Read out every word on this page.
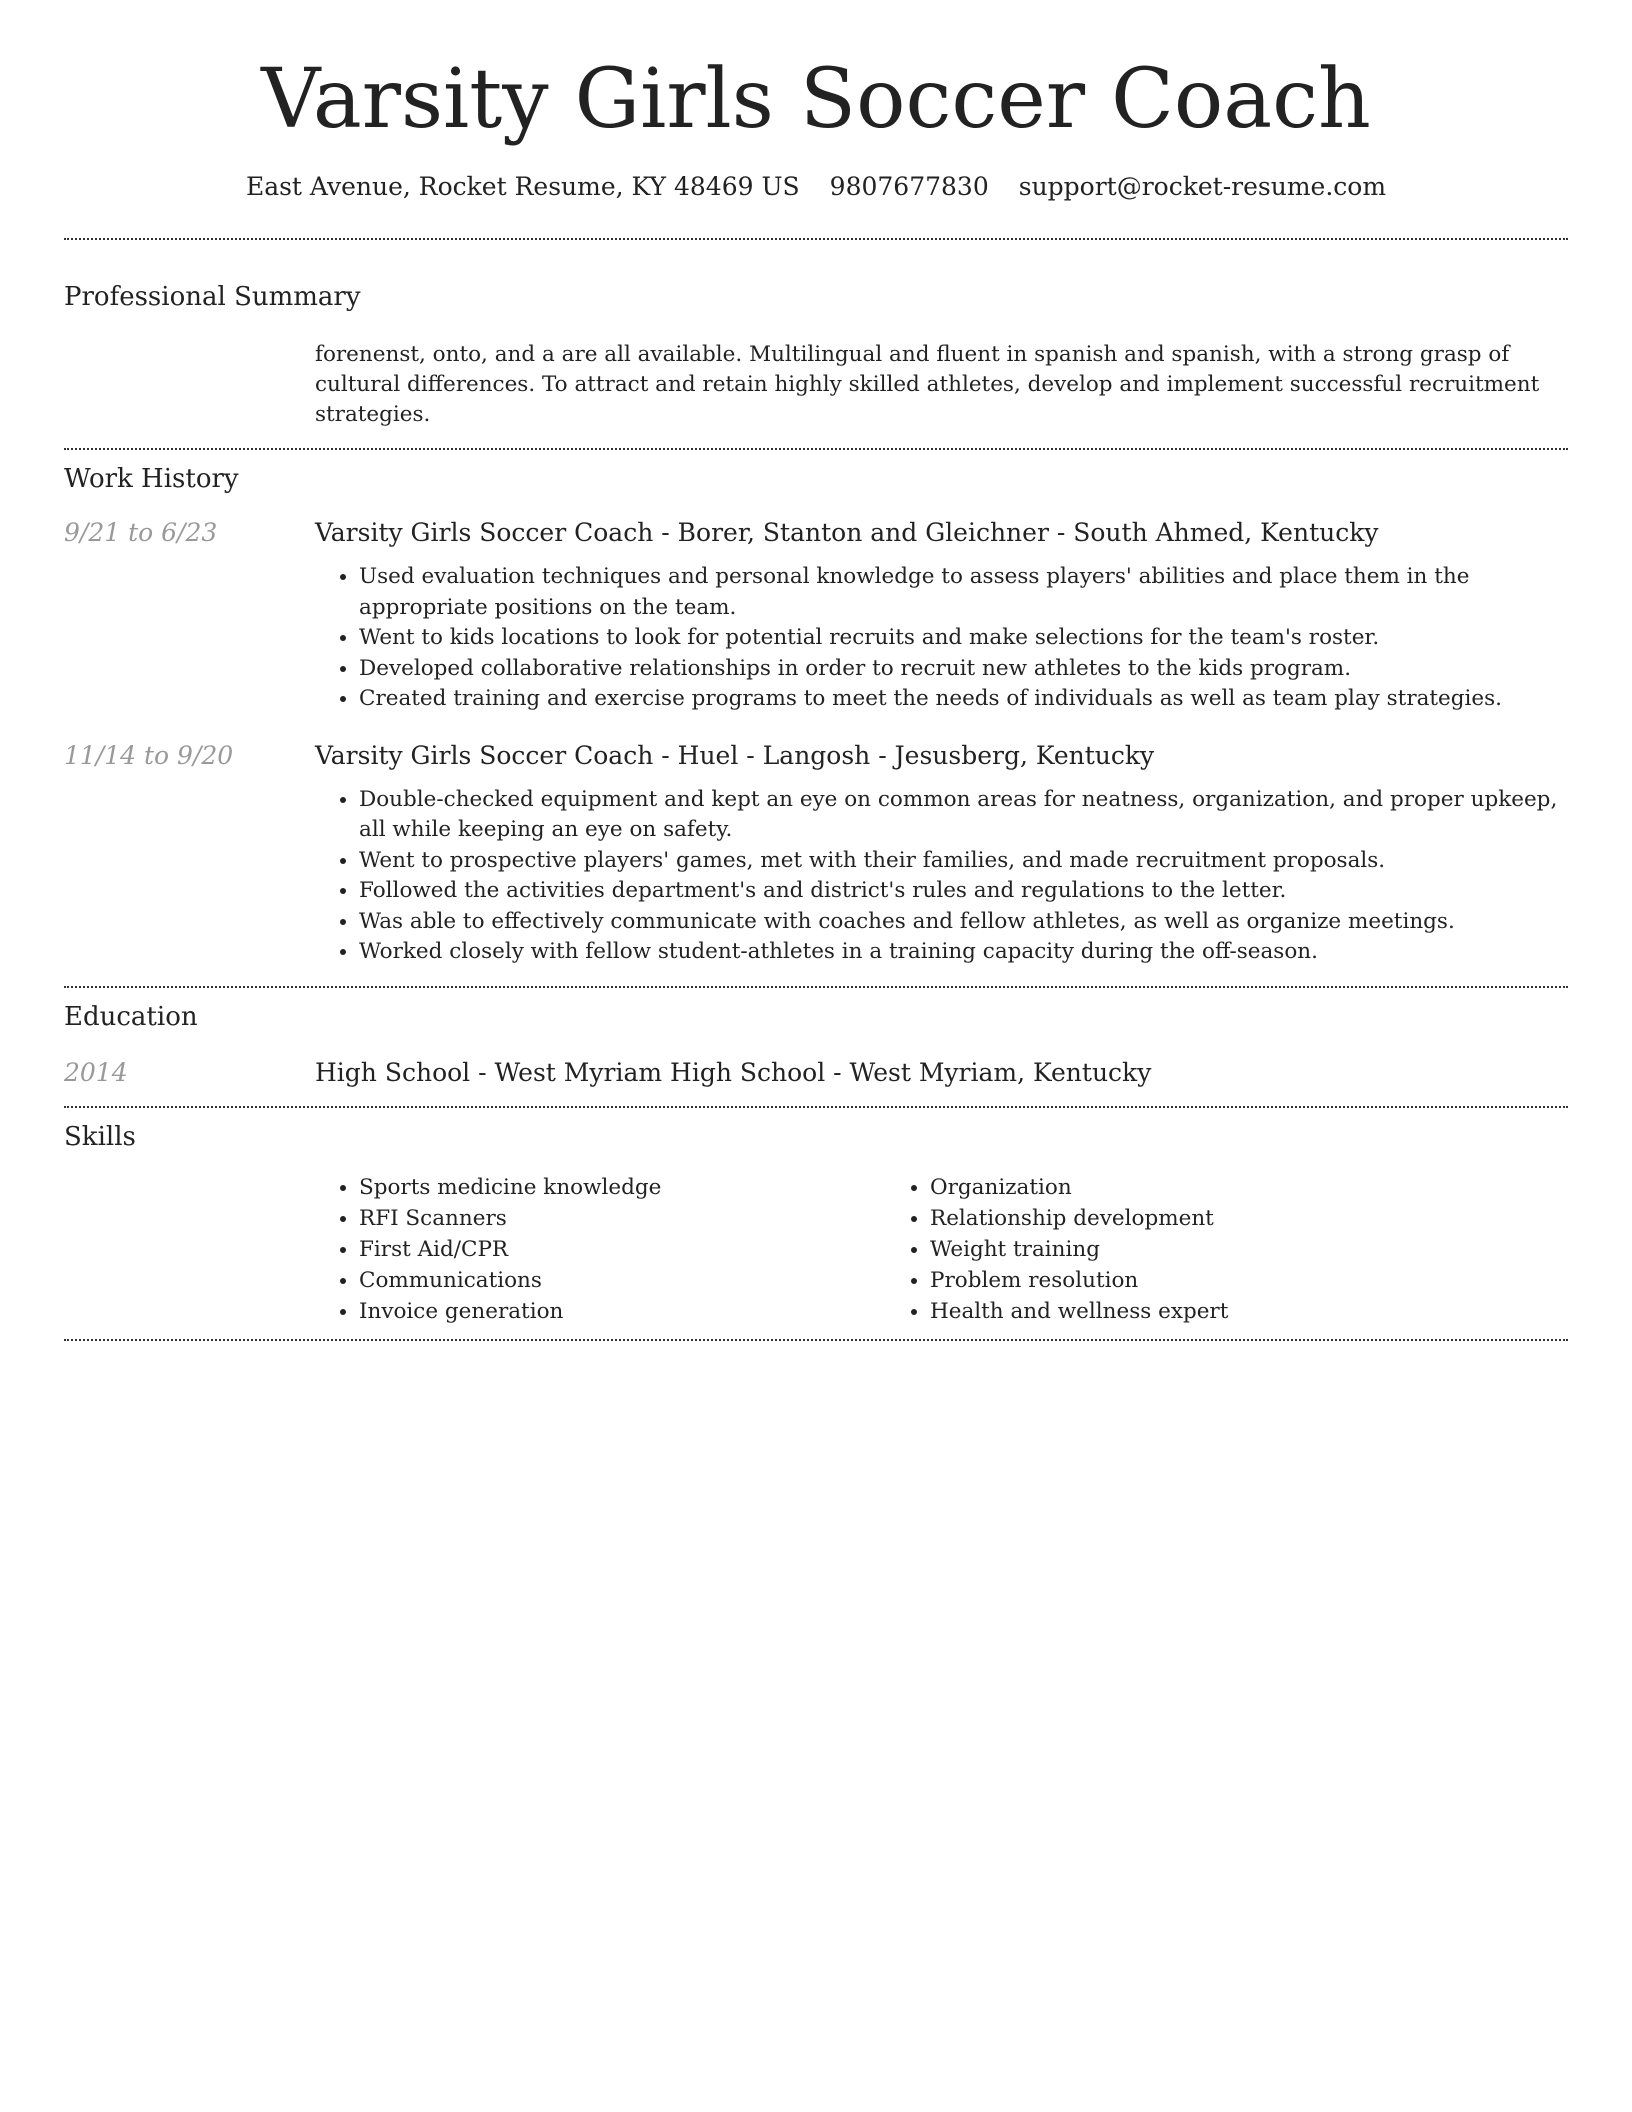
Varsity Girls Soccer Coach
East Avenue, Rocket Resume, KY 48469 US 9807677830 support@rocket-resume.com
Professional Summary
forenenst, onto, and a are all available. Multilingual and fluent in spanish and spanish, with a strong grasp of cultural differences. To attract and retain highly skilled athletes, develop and implement successful recruitment strategies.
Work History
9/21 to 6/23	Varsity Girls Soccer Coach - Borer, Stanton and Gleichner - South Ahmed, Kentucky
• Used evaluation techniques and personal knowledge to assess players' abilities and place them in the appropriate positions on the team.
• Went to kids locations to look for potential recruits and make selections for the team's roster.
• Developed collaborative relationships in order to recruit new athletes to the kids program.
• Created training and exercise programs to meet the needs of individuals as well as team play strategies.
11/14 to 9/20	Varsity Girls Soccer Coach - Huel - Langosh - Jesusberg, Kentucky
• Double-checked equipment and kept an eye on common areas for neatness, organization, and proper upkeep, all while keeping an eye on safety.
• Went to prospective players' games, met with their families, and made recruitment proposals.
• Followed the activities department's and district's rules and regulations to the letter.
• Was able to effectively communicate with coaches and fellow athletes, as well as organize meetings.
• Worked closely with fellow student-athletes in a training capacity during the off-season.
Education
2014	High School - West Myriam High School - West Myriam, Kentucky
Skills
• Sports medicine knowledge
• RFI Scanners
• First Aid/CPR
• Communications
• Invoice generation
• Organization
• Relationship development
• Weight training
• Problem resolution
• Health and wellness expert
